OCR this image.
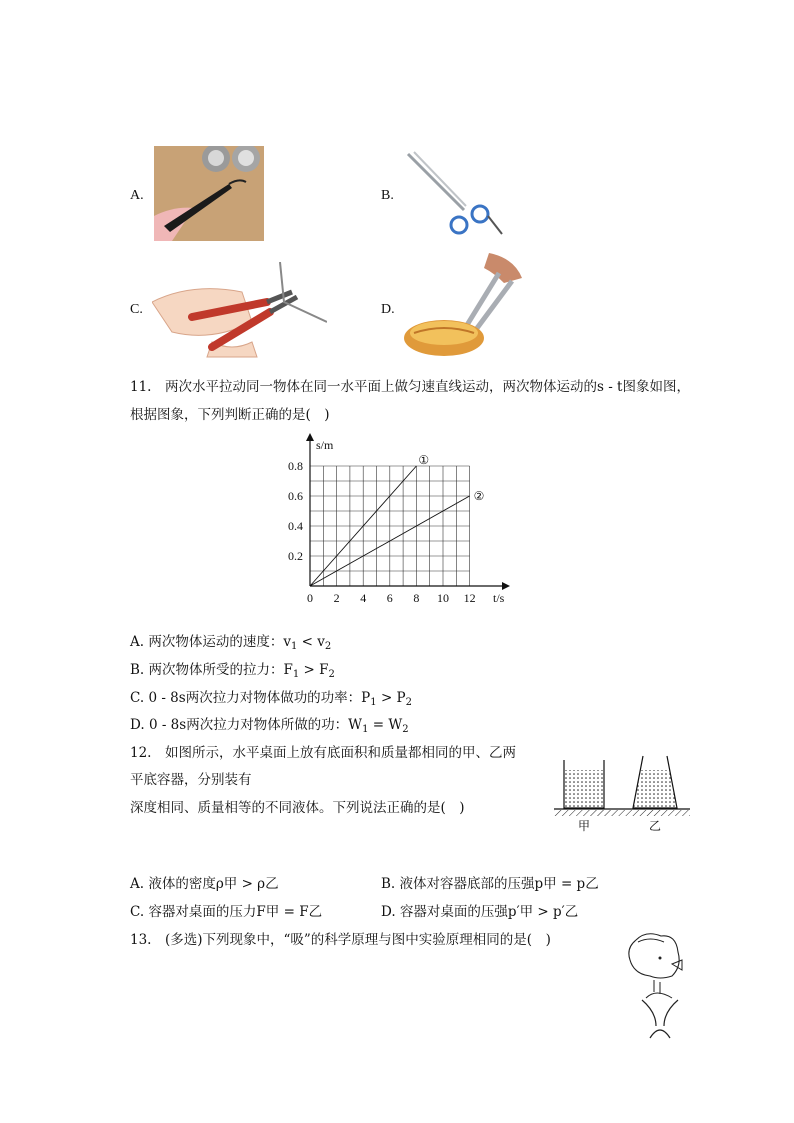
A.	B.
C.	D.
11.　两次水平拉动同一物体在同一水平面上做匀速直线运动，两次物体运动的s - t图象如图，
根据图象，下列判断正确的是(　)
s/m
t/s
0 2 4 6 8 10 12
0.2
0.4
0.6
0.8	①
②
A. 两次物体运动的速度：$v_1 < v_2$
B. 两次物体所受的拉力：$F_1 > F_2$
C. 0 - 8s两次拉力对物体做功的功率：$P_1 > P_2$
D. 0 - 8s两次拉力对物体所做的功：$W_1 = W_2$
12.　如图所示，水平桌面上放有底面积和质量都相同的甲、乙两
平底容器，分别装有
深度相同、质量相等的不同液体。下列说法正确的是(　)
甲	乙
A. 液体的密度ρ甲 > ρ乙	B. 液体对容器底部的压强p甲 = p乙
C. 容器对桌面的压力F甲 = F乙	D. 容器对桌面的压强p′甲 > p′乙
13.　(多选)下列现象中，“吸”的科学原理与图中实验原理相同的是(　)
